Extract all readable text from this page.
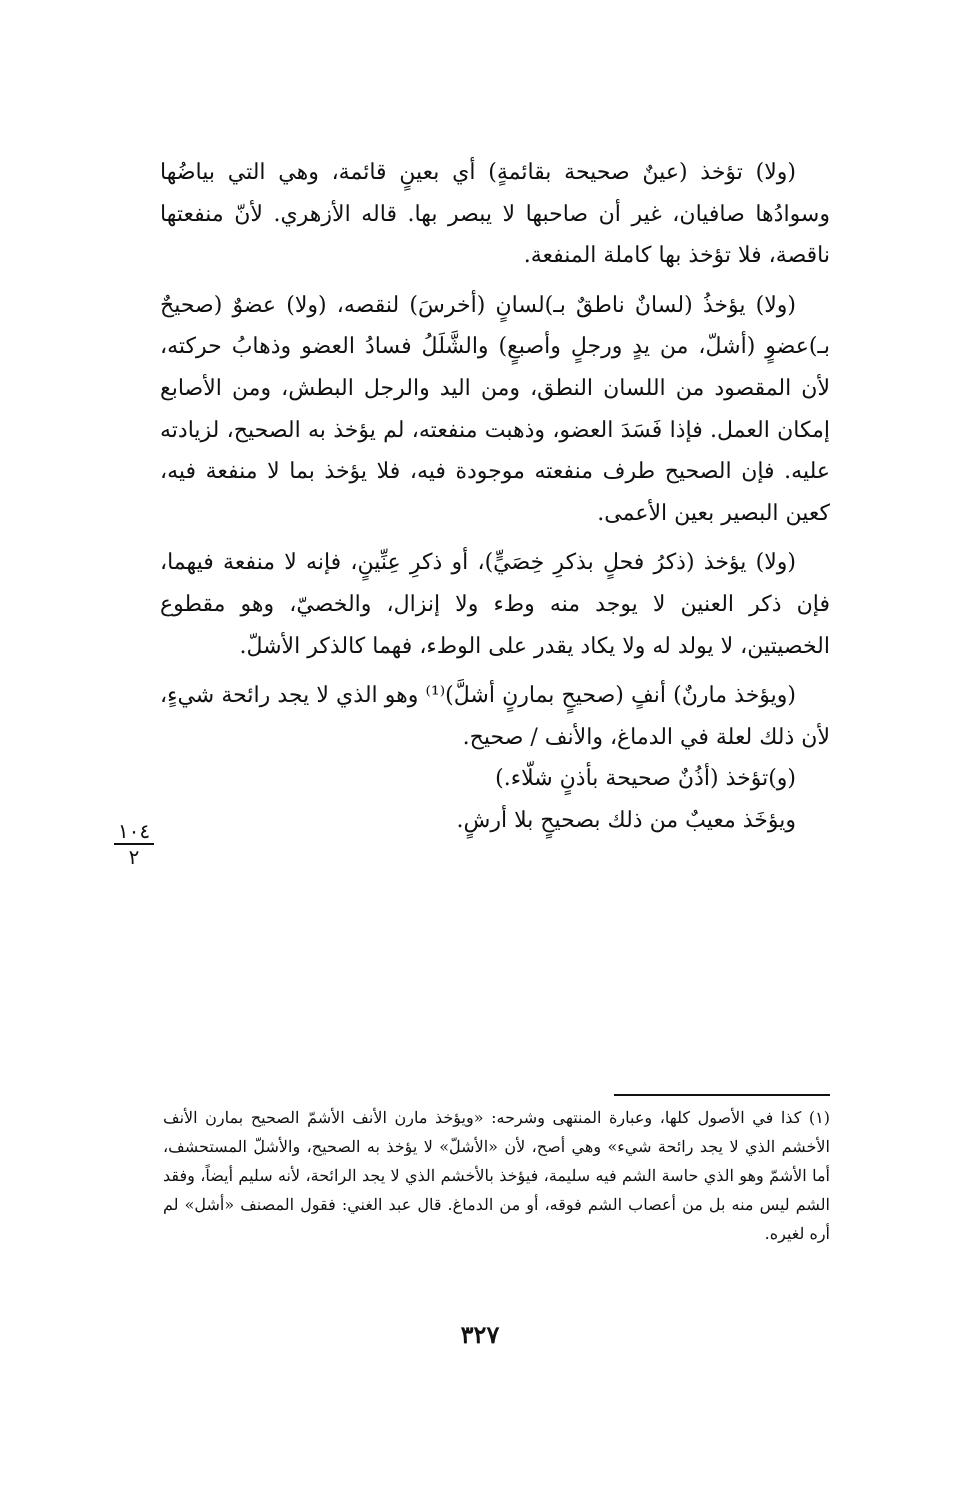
(ولا) تؤخذ (عينٌ صحيحة بقائمةٍ) أي بعينٍ قائمة، وهي التي بياضُها وسوادُها صافيان، غير أن صاحبها لا يبصر بها. قاله الأزهري. لأنّ منفعتها ناقصة، فلا تؤخذ بها كاملة المنفعة.

(ولا) يؤخذُ (لسانٌ ناطقٌ بـ)لسانٍ (أخرسَ) لنقصه، (ولا) عضوٌ (صحيحٌ بـ)عضوٍ (أشلّ، من يدٍ ورجلٍ وأصبعٍ) والشَّلَلُ فسادُ العضو وذهابُ حركته، لأن المقصود من اللسان النطق، ومن اليد والرجل البطش، ومن الأصابع إمكان العمل. فإذا فَسَدَ العضو، وذهبت منفعته، لم يؤخذ به الصحيح، لزيادته عليه. فإن الصحيح طرف منفعته موجودة فيه، فلا يؤخذ بما لا منفعة فيه، كعين البصير بعين الأعمى.

(ولا) يؤخذ (ذكرُ فحلٍ بذكرِ خِصَيٍّ)، أو ذكرِ عِنِّينٍ، فإنه لا منفعة فيهما، فإن ذكر العنين لا يوجد منه وطء ولا إنزال، والخصيّ، وهو مقطوع الخصيتين، لا يولد له ولا يكاد يقدر على الوطء، فهما كالذكر الأشلّ.

(ويؤخذ مارنٌ) أنفٍ (صحيحٍ بمارنٍ أشلَّ)⁽¹⁾ وهو الذي لا يجد رائحة شيءٍ، لأن ذلك لعلة في الدماغ، والأنف / صحيح.

(و)تؤخذ (أذُنٌ صحيحة بأذنٍ شلّاء.)

ويؤخَذ معيبٌ من ذلك بصحيحٍ بلا أرشٍ.

١٠٤
٢

(١) كذا في الأصول كلها، وعبارة المنتهى وشرحه: «ويؤخذ مارن الأنف الأشمّ الصحيح بمارن الأنف الأخشم الذي لا يجد رائحة شيء» وهي أصح، لأن «الأشلّ» لا يؤخذ به الصحيح، والأشلّ المستحشف، أما الأشمّ وهو الذي حاسة الشم فيه سليمة، فيؤخذ بالأخشم الذي لا يجد الرائحة، لأنه سليم أيضاً، وفقد الشم ليس منه بل من أعصاب الشم فوقه، أو من الدماغ. قال عبد الغني: فقول المصنف «أشل» لم أره لغيره.

٣٢٧
